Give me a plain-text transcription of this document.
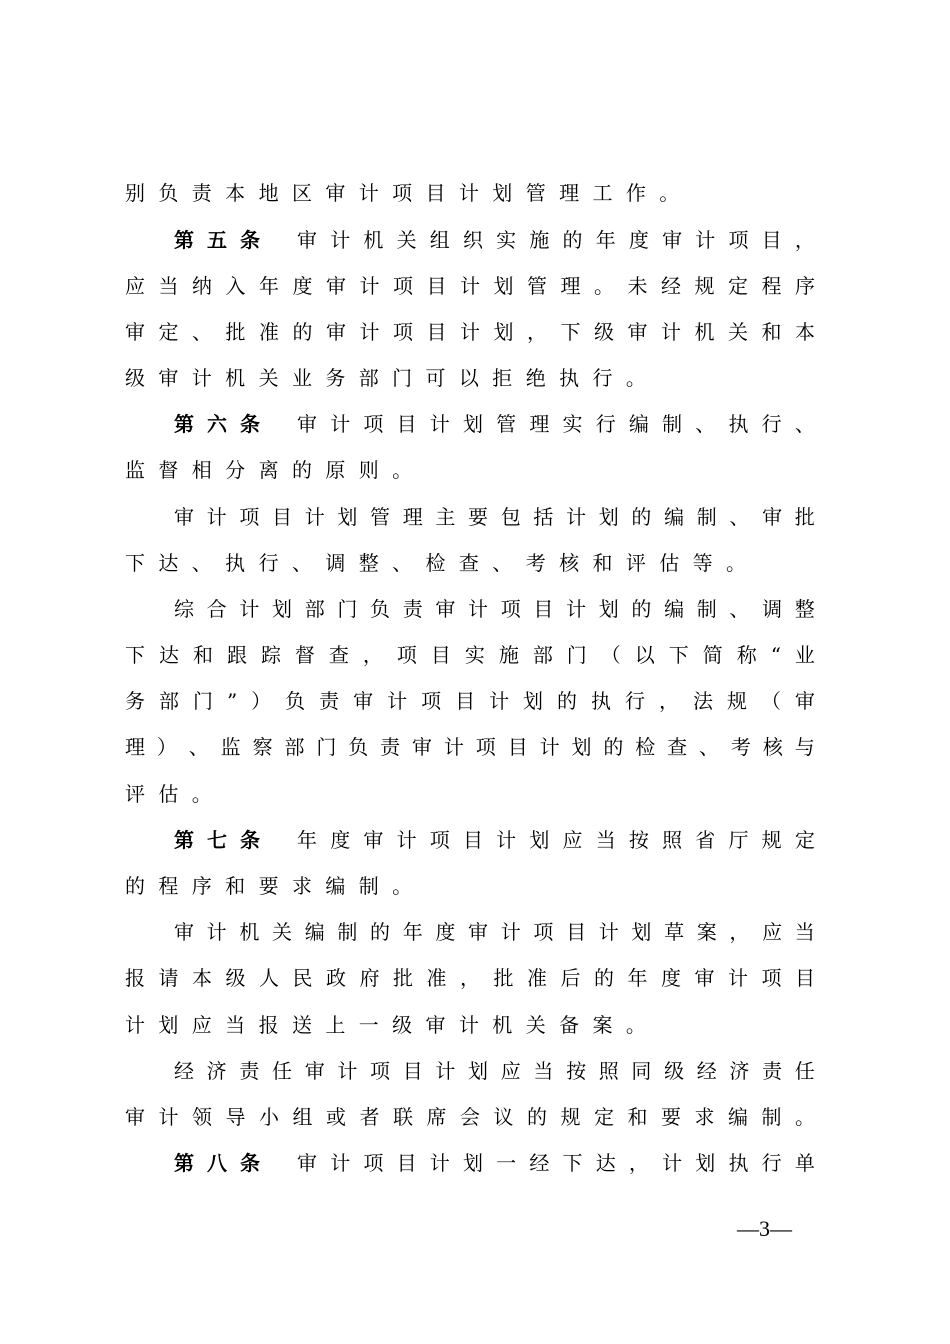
别 负 责 本 地 区 审 计 项 目 计 划 管 理 工 作 。
第五条 审 计 机 关 组 织 实 施 的 年 度 审 计 项 目 ，
应 当 纳 入 年 度 审 计 项 目 计 划 管 理 。 未 经 规 定 程 序
审 定 、 批 准 的 审 计 项 目 计 划 ， 下 级 审 计 机 关 和 本
级 审 计 机 关 业 务 部 门 可 以 拒 绝 执 行 。
第六条 审 计 项 目 计 划 管 理 实 行 编 制 、 执 行 、
监 督 相 分 离 的 原 则 。
审 计 项 目 计 划 管 理 主 要 包 括 计 划 的 编 制 、 审 批
下 达 、 执 行 、 调 整 、 检 查 、 考 核 和 评 估 等 。
综 合 计 划 部 门 负 责 审 计 项 目 计 划 的 编 制 、 调 整
下 达 和 跟 踪 督 查 ， 项 目 实 施 部 门 （ 以 下 简 称 “ 业
务 部 门 ” ） 负 责 审 计 项 目 计 划 的 执 行 ， 法 规 （ 审
理 ） 、 监 察 部 门 负 责 审 计 项 目 计 划 的 检 查 、 考 核 与
评 估 。
第七条 年 度 审 计 项 目 计 划 应 当 按 照 省 厅 规 定
的 程 序 和 要 求 编 制 。
审 计 机 关 编 制 的 年 度 审 计 项 目 计 划 草 案 ， 应 当
报 请 本 级 人 民 政 府 批 准 ， 批 准 后 的 年 度 审 计 项 目
计 划 应 当 报 送 上 一 级 审 计 机 关 备 案 。
经 济 责 任 审 计 项 目 计 划 应 当 按 照 同 级 经 济 责 任
审 计 领 导 小 组 或 者 联 席 会 议 的 规 定 和 要 求 编 制 。
第八条 审 计 项 目 计 划 一 经 下 达 ， 计 划 执 行 单
—3—
